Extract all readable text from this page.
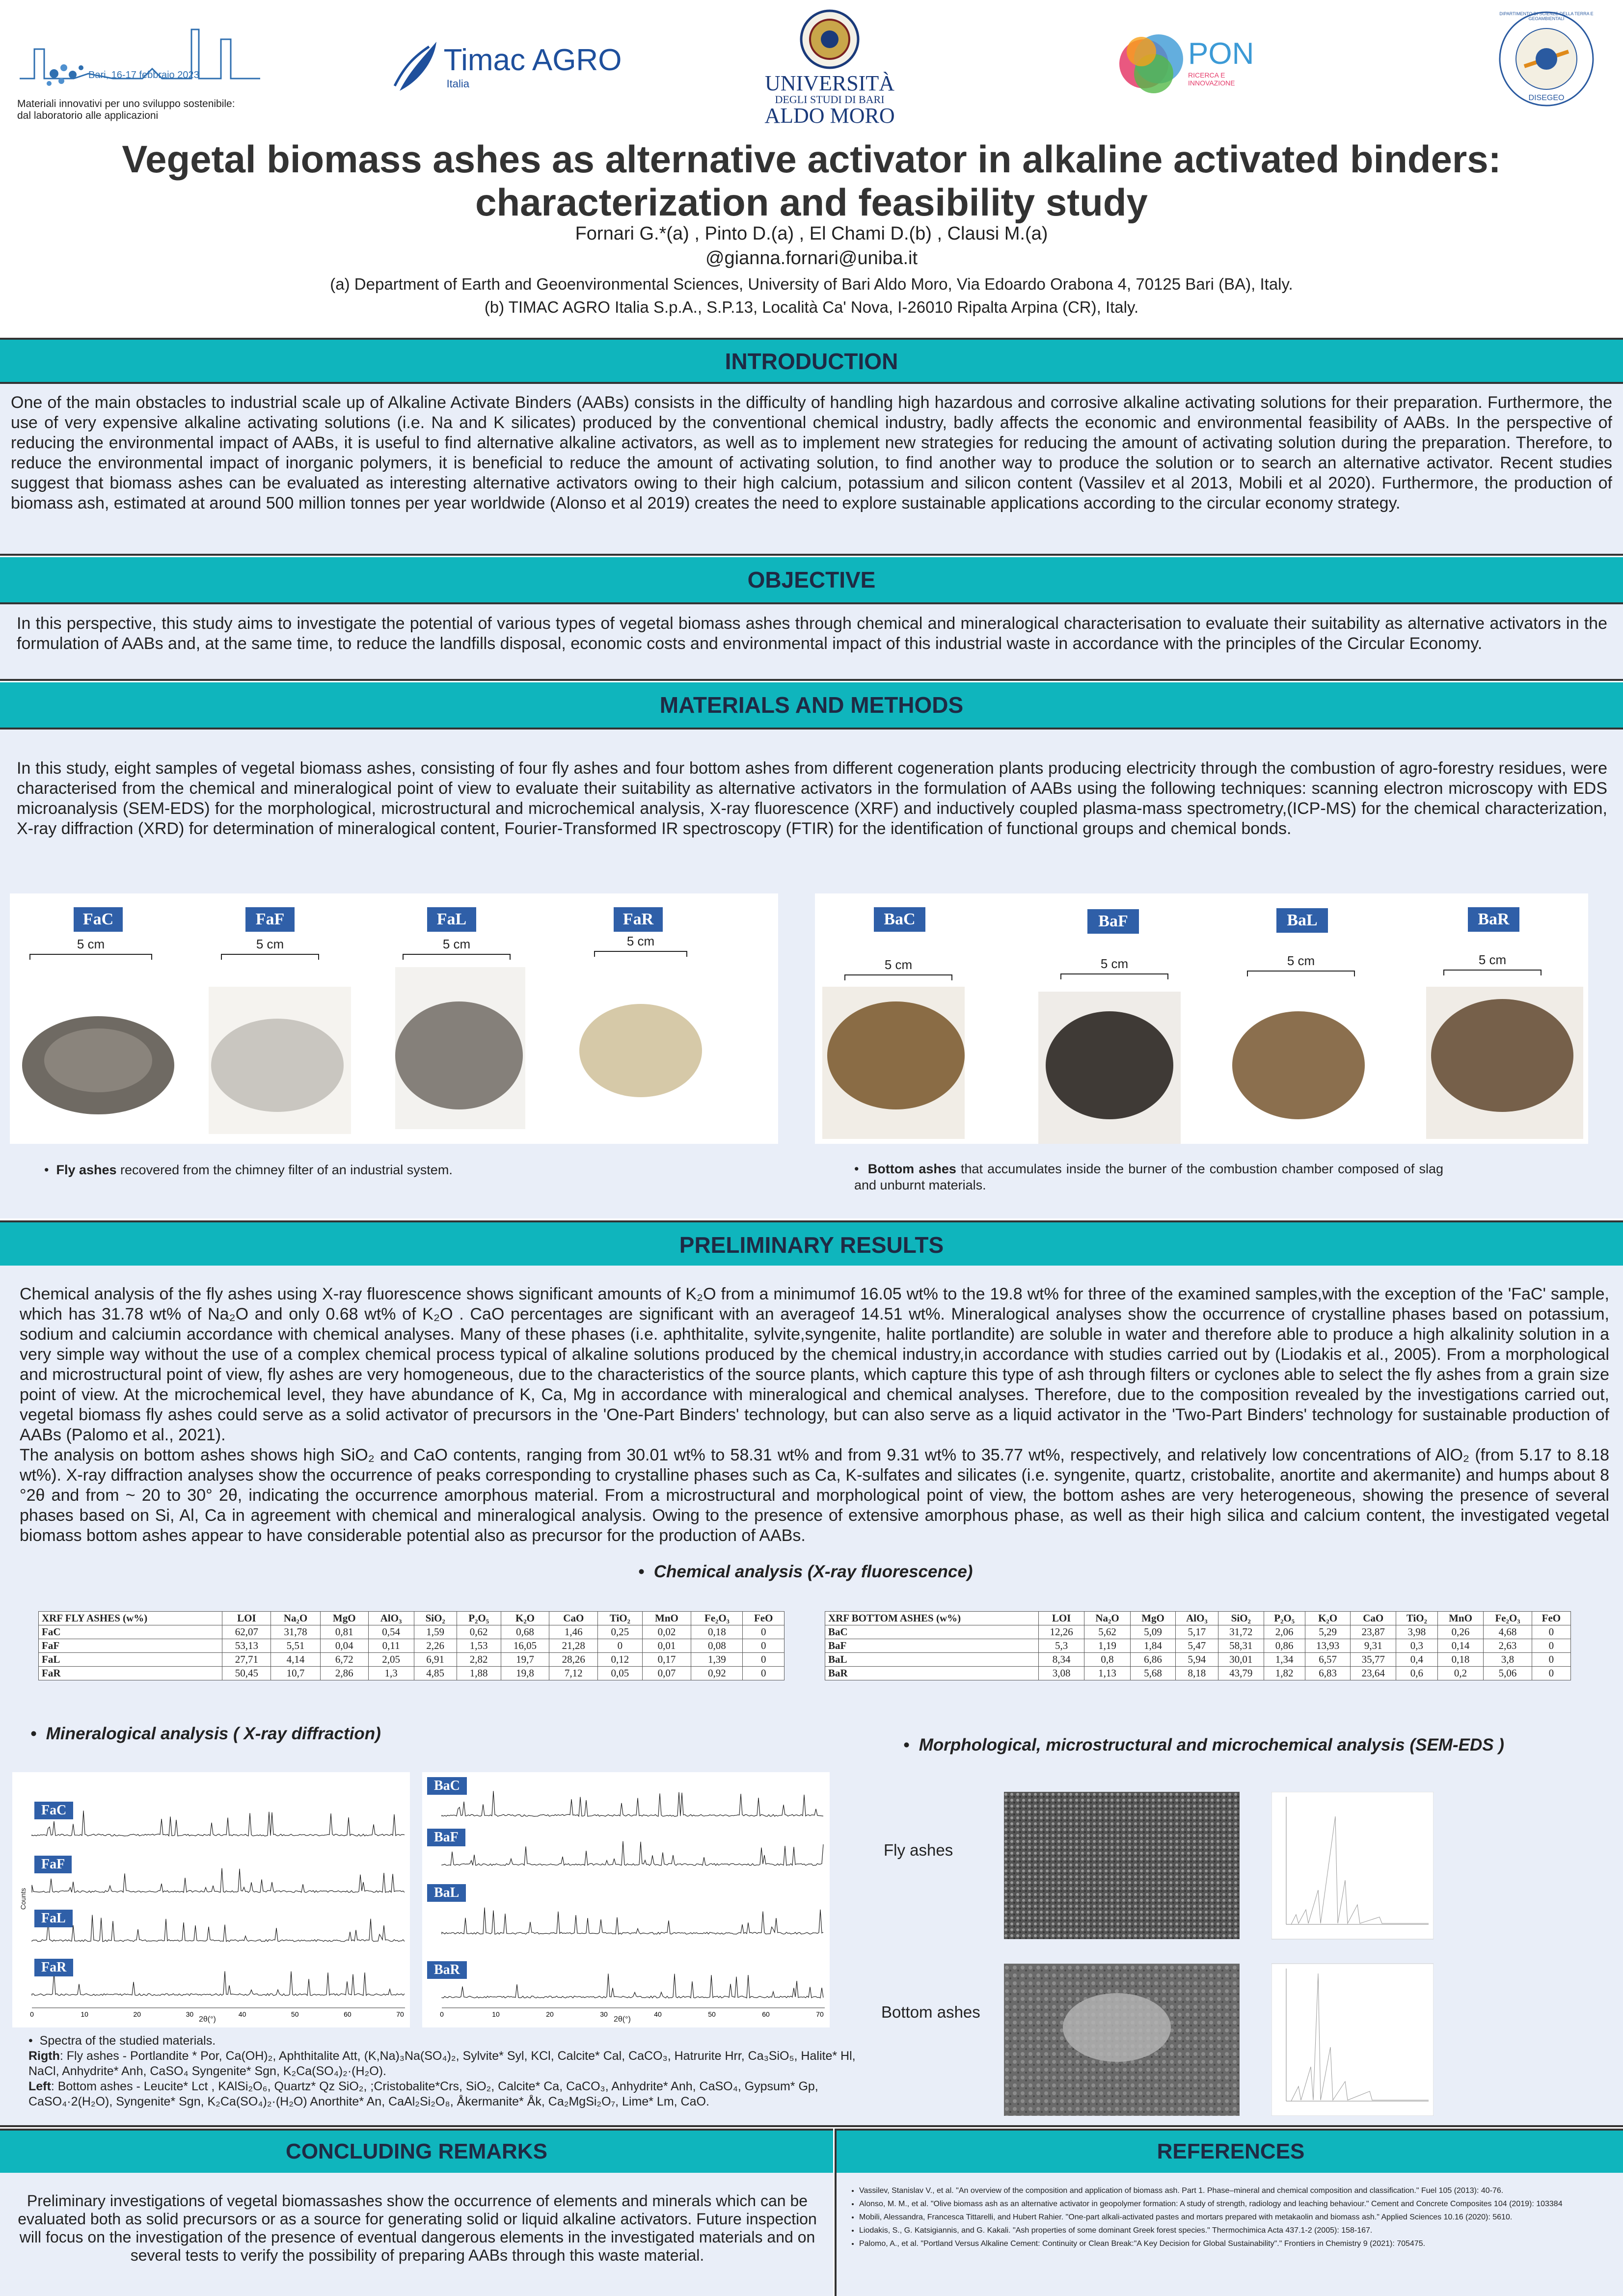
Bari, 16-17 febbraio 2023
Materiali innovativi per uno sviluppo sostenibile:
dal laboratorio alle applicazioni
Timac AGRO
Italia	UNIVERSITÀ
DEGLI STUDI DI BARI
ALDO MORO
PON
RICERCA E INNOVAZIONE
DIPARTIMENTO DI SCIENZE DELLA TERRA E GEOAMBIENTALI
DISEGEO
Vegetal biomass ashes as alternative activator in alkaline activated binders:
characterization and feasibility study
Fornari G.*(a) , Pinto D.(a) , El Chami D.(b) , Clausi M.(a)
@gianna.fornari@uniba.it
(a) Department of Earth and Geoenvironmental Sciences, University of Bari Aldo Moro, Via Edoardo Orabona 4, 70125 Bari (BA), Italy.
(b) TIMAC AGRO Italia S.p.A., S.P.13, Località Ca' Nova, I-26010 Ripalta Arpina (CR), Italy.
INTRODUCTION
One of the main obstacles to industrial scale up of Alkaline Activate Binders (AABs) consists in the difficulty of handling high hazardous and corrosive alkaline activating solutions for their preparation. Furthermore, the use of very expensive alkaline activating solutions (i.e. Na and K silicates) produced by the conventional chemical industry, badly affects the economic and environmental feasibility of AABs. In the perspective of reducing the environmental impact of AABs, it is useful to find alternative alkaline activators, as well as to implement new strategies for reducing the amount of activating solution during the preparation. Therefore, to reduce the environmental impact of inorganic polymers, it is beneficial to reduce the amount of activating solution, to find another way to produce the solution or to search an alternative activator. Recent studies suggest that biomass ashes can be evaluated as interesting alternative activators owing to their high calcium, potassium and silicon content (Vassilev et al 2013, Mobili et al 2020). Furthermore, the production of biomass ash, estimated at around 500 million tonnes per year worldwide (Alonso et al 2019) creates the need to explore sustainable applications according to the circular economy strategy.
OBJECTIVE
In this perspective, this study aims to investigate the potential of various types of vegetal biomass ashes through chemical and mineralogical characterisation to evaluate their suitability as alternative activators in the formulation of AABs and, at the same time, to reduce the landfills disposal, economic costs and environmental impact of this industrial waste in accordance with the principles of the Circular Economy.
MATERIALS AND METHODS
In this study, eight samples of vegetal biomass ashes, consisting of four fly ashes and four bottom ashes from different cogeneration plants producing electricity through the combustion of agro-forestry residues, were characterised from the chemical and mineralogical point of view to evaluate their suitability as alternative activators in the formulation of AABs using the following techniques: scanning electron microscopy with EDS microanalysis (SEM-EDS) for the morphological, microstructural and microchemical analysis, X-ray fluorescence (XRF) and inductively coupled plasma-mass spectrometry,(ICP-MS) for the chemical characterization, X-ray diffraction (XRD) for determination of mineralogical content, Fourier-Transformed IR spectroscopy (FTIR) for the identification of functional groups and chemical bonds.
FaC	FaF	FaL	FaR
5 cm	5 cm	5 cm	5 cm
BaC	BaF	BaL	BaR
5 cm	5 cm	5 cm	5 cm
•  Fly ashes recovered from the chimney filter of an industrial system.	•  Bottom ashes that accumulates inside the burner of the combustion chamber composed of slag and unburnt materials.
PRELIMINARY RESULTS
Chemical analysis of the fly ashes using X-ray fluorescence shows significant amounts of K₂O from a minimumof 16.05 wt% to the 19.8 wt% for three of the examined samples,with the exception of the 'FaC' sample, which has 31.78 wt% of Na₂O and only 0.68 wt% of K₂O . CaO percentages are significant with an averageof 14.51 wt%. Mineralogical analyses show the occurrence of crystalline phases based on potassium, sodium and calciumin accordance with chemical analyses. Many of these phases (i.e. aphthitalite, sylvite,syngenite, halite portlandite) are soluble in water and therefore able to produce a high alkalinity solution in a very simple way without the use of a complex chemical process typical of alkaline solutions produced by the chemical industry,in accordance with studies carried out by (Liodakis et al., 2005). From a morphological and microstructural point of view, fly ashes are very homogeneous, due to the characteristics of the source plants, which capture this type of ash through filters or cyclones able to select the fly ashes from a grain size point of view. At the microchemical level, they have abundance of K, Ca, Mg in accordance with mineralogical and chemical analyses. Therefore, due to the composition revealed by the investigations carried out, vegetal biomass fly ashes could serve as a solid activator of precursors in the 'One-Part Binders' technology, but can also serve as a liquid activator in the 'Two-Part Binders' technology for sustainable production of AABs (Palomo et al., 2021).
The analysis on bottom ashes shows high SiO₂ and CaO contents, ranging from 30.01 wt% to 58.31 wt% and from 9.31 wt% to 35.77 wt%, respectively, and relatively low concentrations of AlO₂ (from 5.17 to 8.18 wt%). X-ray diffraction analyses show the occurrence of peaks corresponding to crystalline phases such as Ca, K-sulfates and silicates (i.e. syngenite, quartz, cristobalite, anortite and akermanite) and humps about 8 °2θ and from ~ 20 to 30° 2θ, indicating the occurrence amorphous material. From a microstructural and morphological point of view, the bottom ashes are very heterogeneous, showing the presence of several phases based on Si, Al, Ca in agreement with chemical and mineralogical analysis. Owing to the presence of extensive amorphous phase, as well as their high silica and calcium content, the investigated vegetal biomass bottom ashes appear to have considerable potential also as precursor for the production of AABs.
•  Chemical analysis (X-ray fluorescence)
XRF FLY ASHES (w%)	LOI	Na₂O	MgO	AlO₃	SiO₂	P₂O₅	K₂O	CaO	TiO₂	MnO	Fe₂O₃	FeO
FaC	62,07	31,78	0,81	0,54	1,59	0,62	0,68	1,46	0,25	0,02	0,18	0
FaF	53,13	5,51	0,04	0,11	2,26	1,53	16,05	21,28	0	0,01	0,08	0
FaL	27,71	4,14	6,72	2,05	6,91	2,82	19,7	28,26	0,12	0,17	1,39	0
FaR	50,45	10,7	2,86	1,3	4,85	1,88	19,8	7,12	0,05	0,07	0,92	0
XRF BOTTOM ASHES (w%)	LOI	Na₂O	MgO	AlO₃	SiO₂	P₂O₅	K₂O	CaO	TiO₂	MnO	Fe₂O₃	FeO
BaC	12,26	5,62	5,09	5,17	31,72	2,06	5,29	23,87	3,98	0,26	4,68	0
BaF	5,3	1,19	1,84	5,47	58,31	0,86	13,93	9,31	0,3	0,14	2,63	0
BaL	8,34	0,8	6,86	5,94	30,01	1,34	6,57	35,77	0,4	0,18	3,8	0
BaR	3,08	1,13	5,68	8,18	43,79	1,82	6,83	23,64	0,6	0,2	5,06	0
•  Mineralogical analysis ( X-ray diffraction)
•  Morphological, microstructural and microchemical analysis (SEM-EDS )
0	10	20	30	40	50	60	70
FaC
FaF
FaL
FaR
Counts
2θ(°)
0	10	20	30	40	50	60	70
BaC
BaF
BaL
BaR
2θ(°)
Fly ashes
Bottom ashes
•  Spectra of the studied materials.
Rigth: Fly ashes - Portlandite * Por, Ca(OH)₂, Aphthitalite Att, (K,Na)₃Na(SO₄)₂, Sylvite* Syl, KCl, Calcite* Cal, CaCO₃, Hatrurite Hrr, Ca₃SiO₅, Halite* Hl, NaCl, Anhydrite* Anh, CaSO₄ Syngenite* Sgn, K₂Ca(SO₄)₂·(H₂O).
Left: Bottom ashes - Leucite* Lct , KAlSi₂O₆, Quartz* Qz SiO₂, ;Cristobalite*Crs, SiO₂, Calcite* Ca, CaCO₃, Anhydrite* Anh, CaSO₄, Gypsum* Gp, CaSO₄·2(H₂O), Syngenite* Sgn, K₂Ca(SO₄)₂·(H₂O) Anorthite* An, CaAl₂Si₂O₈, Åkermanite* Åk, Ca₂MgSi₂O₇, Lime* Lm, CaO.
CONCLUDING REMARKS	REFERENCES
Preliminary investigations of vegetal biomassashes show the occurrence of elements and minerals which can be evaluated both as solid precursors or as a source for generating solid or liquid alkaline activators. Future inspection will focus on the investigation of the presence of eventual dangerous elements in the investigated materials and on several tests to verify the possibility of preparing AABs through this waste material.
• Vassilev, Stanislav V., et al. "An overview of the composition and application of biomass ash. Part 1. Phase–mineral and chemical composition and classification." Fuel 105 (2013): 40-76.
• Alonso, M. M., et al. "Olive biomass ash as an alternative activator in geopolymer formation: A study of strength, radiology and leaching behaviour." Cement and Concrete Composites 104 (2019): 103384
• Mobili, Alessandra, Francesca Tittarelli, and Hubert Rahier. "One-part alkali-activated pastes and mortars prepared with metakaolin and biomass ash." Applied Sciences 10.16 (2020): 5610.
• Liodakis, S., G. Katsigiannis, and G. Kakali. "Ash properties of some dominant Greek forest species." Thermochimica Acta 437.1-2 (2005): 158-167.
• Palomo, A., et al. "Portland Versus Alkaline Cement: Continuity or Clean Break:"A Key Decision for Global Sustainability"." Frontiers in Chemistry 9 (2021): 705475.
